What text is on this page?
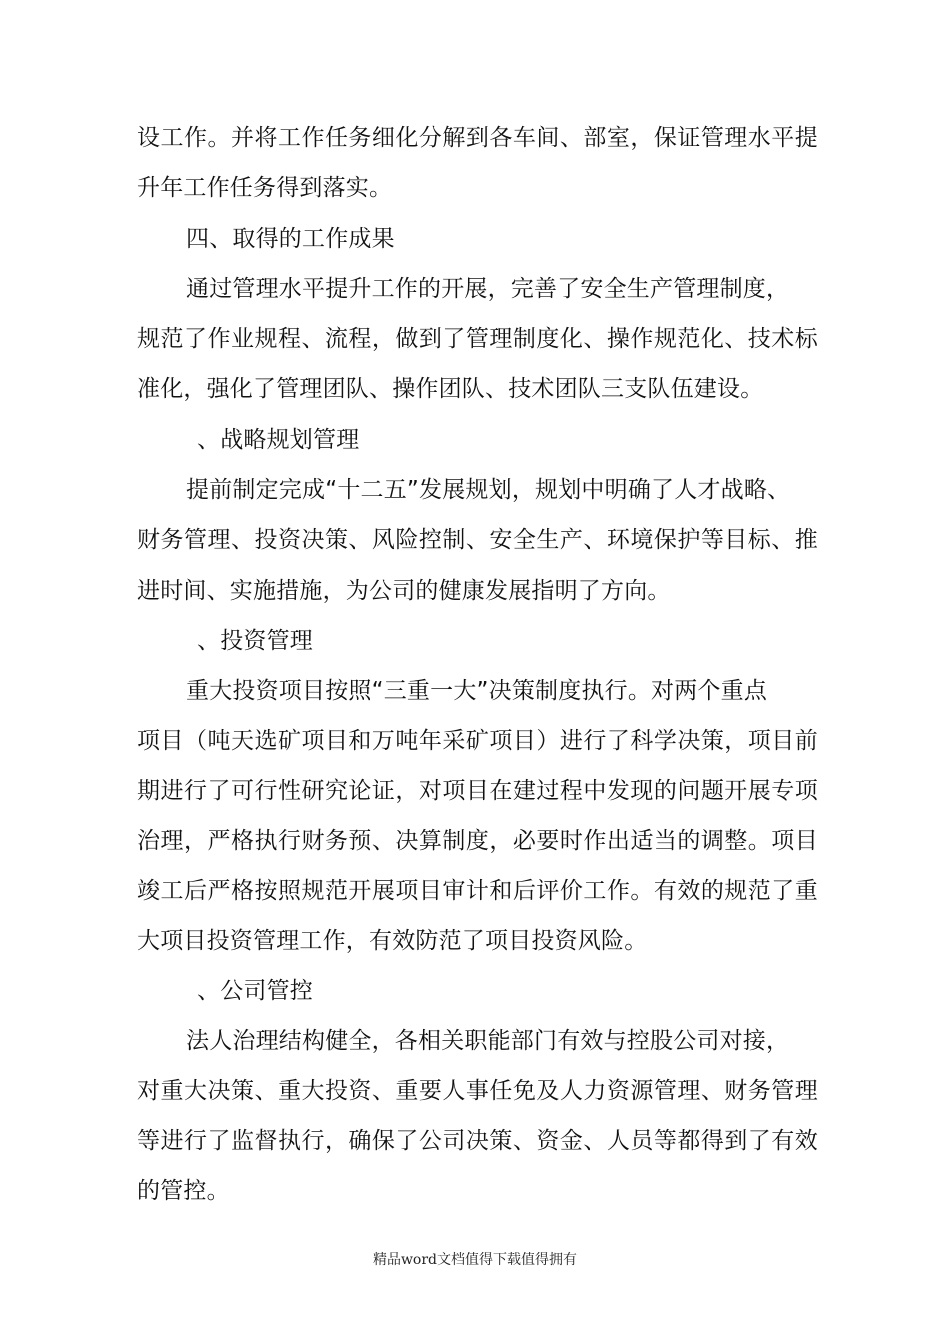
设工作。并将工作任务细化分解到各车间、部室，保证管理水平提
升年工作任务得到落实。
四、取得的工作成果
通过管理水平提升工作的开展，完善了安全生产管理制度，
规范了作业规程、流程，做到了管理制度化、操作规范化、技术标
准化，强化了管理团队、操作团队、技术团队三支队伍建设。
、战略规划管理
提前制定完成“十二五”发展规划，规划中明确了人才战略、
财务管理、投资决策、风险控制、安全生产、环境保护等目标、推
进时间、实施措施，为公司的健康发展指明了方向。
、投资管理
重大投资项目按照“三重一大”决策制度执行。对两个重点
项目（吨天选矿项目和万吨年采矿项目）进行了科学决策，项目前
期进行了可行性研究论证，对项目在建过程中发现的问题开展专项
治理，严格执行财务预、决算制度，必要时作出适当的调整。项目
竣工后严格按照规范开展项目审计和后评价工作。有效的规范了重
大项目投资管理工作，有效防范了项目投资风险。
、公司管控
法人治理结构健全，各相关职能部门有效与控股公司对接，
对重大决策、重大投资、重要人事任免及人力资源管理、财务管理
等进行了监督执行，确保了公司决策、资金、人员等都得到了有效
的管控。
精品word文档值得下载值得拥有
